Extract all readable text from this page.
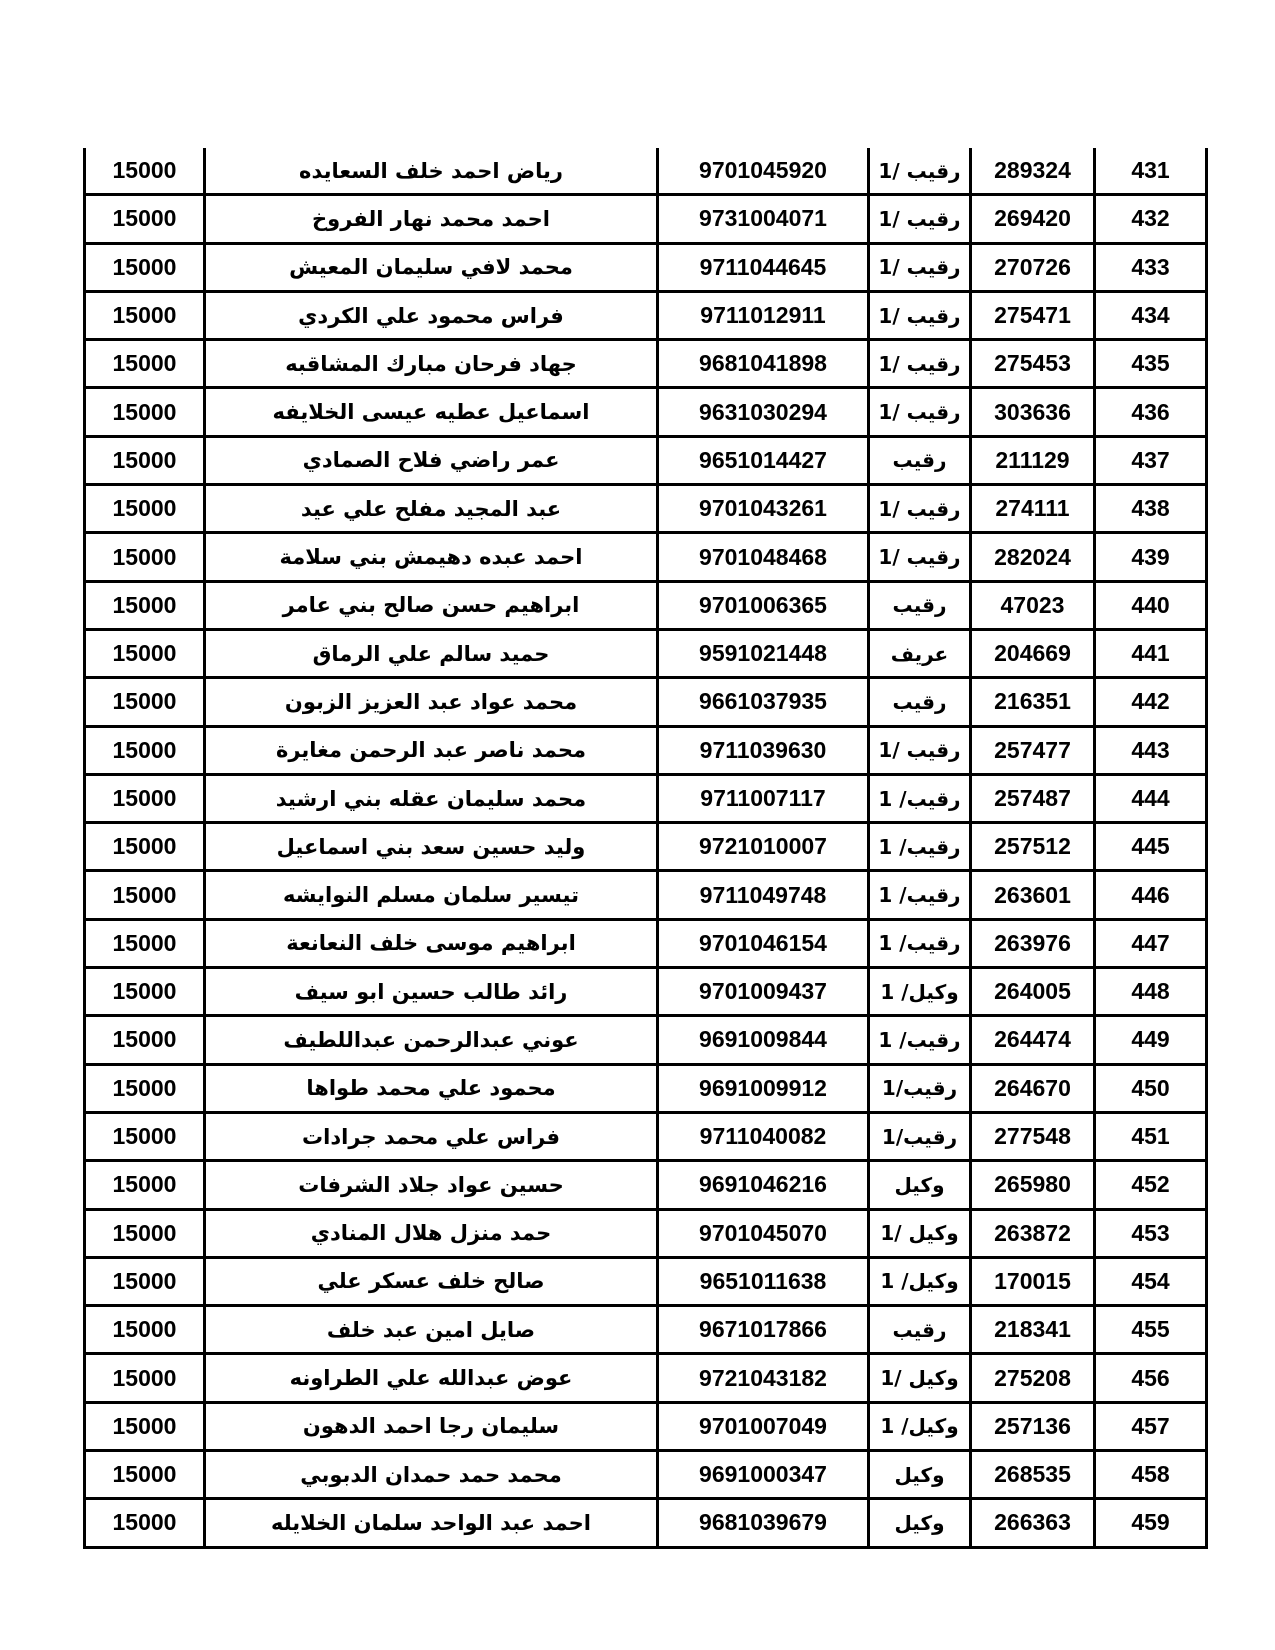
431	289324	رقيب /1	9701045920	رياض احمد خلف السعايده	15000
432	269420	رقيب /1	9731004071	احمد محمد نهار الفروخ	15000
433	270726	رقيب /1	9711044645	محمد لافي سليمان المعيش	15000
434	275471	رقيب /1	9711012911	فراس محمود علي الكردي	15000
435	275453	رقيب /1	9681041898	جهاد فرحان مبارك المشاقبه	15000
436	303636	رقيب /1	9631030294	اسماعيل عطيه عيسى الخلايفه	15000
437	211129	رقيب	9651014427	عمر راضي فلاح الصمادي	15000
438	274111	رقيب /1	9701043261	عبد المجيد مفلح علي عيد	15000
439	282024	رقيب /1	9701048468	احمد عبده دهيمش بني سلامة	15000
440	47023	رقيب	9701006365	ابراهيم حسن صالح بني عامر	15000
441	204669	عريف	9591021448	حميد سالم علي الرماق	15000
442	216351	رقيب	9661037935	محمد عواد عبد العزيز الزبون	15000
443	257477	رقيب /1	9711039630	محمد ناصر عبد الرحمن مغايرة	15000
444	257487	رقيب/ 1	9711007117	محمد سليمان عقله بني ارشيد	15000
445	257512	رقيب/ 1	9721010007	وليد حسين سعد بني اسماعيل	15000
446	263601	رقيب/ 1	9711049748	تيسير سلمان مسلم النوايشه	15000
447	263976	رقيب/ 1	9701046154	ابراهيم موسى خلف النعانعة	15000
448	264005	وكيل/ 1	9701009437	رائد طالب حسين ابو سيف	15000
449	264474	رقيب/ 1	9691009844	عوني عبدالرحمن عبداللطيف	15000
450	264670	رقيب/1	9691009912	محمود علي محمد طواها	15000
451	277548	رقيب/1	9711040082	فراس علي محمد جرادات	15000
452	265980	وكيل	9691046216	حسين عواد جلاد الشرفات	15000
453	263872	وكيل /1	9701045070	حمد منزل هلال المنادي	15000
454	170015	وكيل/ 1	9651011638	صالح خلف عسكر علي	15000
455	218341	رقيب	9671017866	صايل امين عبد خلف	15000
456	275208	وكيل /1	9721043182	عوض عبدالله علي الطراونه	15000
457	257136	وكيل/ 1	9701007049	سليمان رجا احمد الدهون	15000
458	268535	وكيل	9691000347	محمد حمد حمدان الدبوبي	15000
459	266363	وكيل	9681039679	احمد عبد الواحد سلمان الخلايله	15000
